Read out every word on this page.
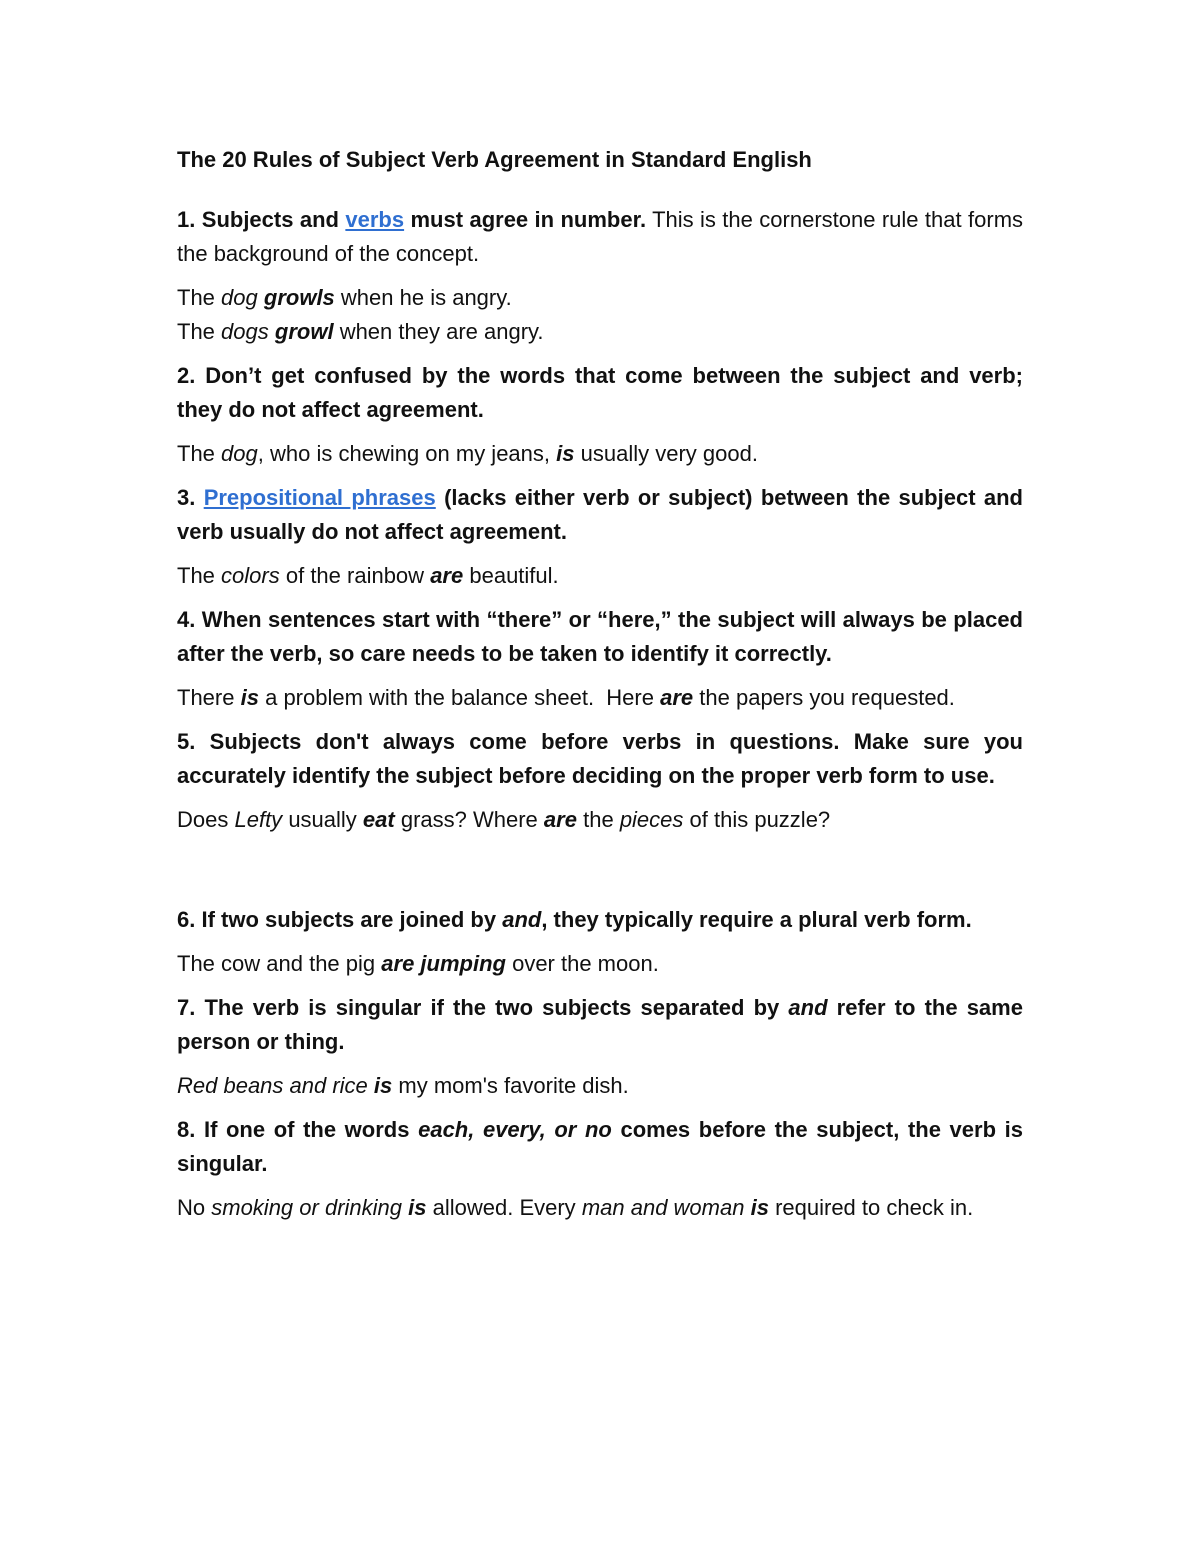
The 20 Rules of Subject Verb Agreement in Standard English

1. Subjects and verbs must agree in number. This is the cornerstone rule that forms the background of the concept.

The dog growls when he is angry.

The dogs growl when they are angry.

2. Don’t get confused by the words that come between the subject and verb; they do not affect agreement.

The dog, who is chewing on my jeans, is usually very good.

3. Prepositional phrases (lacks either verb or subject) between the subject and verb usually do not affect agreement.

The colors of the rainbow are beautiful.

4. When sentences start with “there” or “here,” the subject will always be placed after the verb, so care needs to be taken to identify it correctly.

There is a problem with the balance sheet.  Here are the papers you requested.

5. Subjects don't always come before verbs in questions. Make sure you accurately identify the subject before deciding on the proper verb form to use.

Does Lefty usually eat grass? Where are the pieces of this puzzle?

6. If two subjects are joined by and, they typically require a plural verb form.

The cow and the pig are jumping over the moon.

7. The verb is singular if the two subjects separated by and refer to the same person or thing.

Red beans and rice is my mom's favorite dish.

8. If one of the words each, every, or no comes before the subject, the verb is singular.

No smoking or drinking is allowed. Every man and woman is required to check in.
